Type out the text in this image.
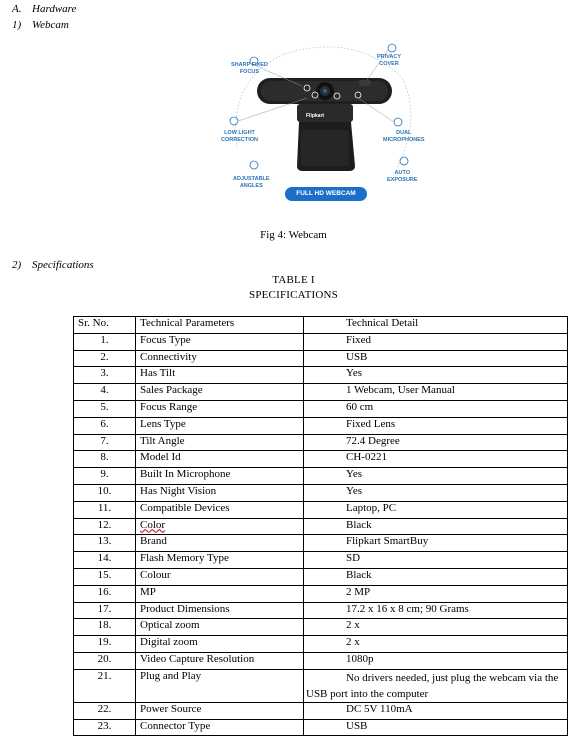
A. Hardware
1) Webcam
Flipkart
SHARP FIXED
FOCUS
PRIVACY
COVER
LOW LIGHT
CORRECTION
DUAL
MICROPHONES
ADJUSTABLE
ANGLES
AUTO
EXPOSURE
FULL HD WEBCAM
Fig 4: Webcam
2) Specifications
TABLE I
SPECIFICATIONS
Sr. No.	Technical Parameters	Technical Detail
1.	Focus Type	Fixed
2.	Connectivity	USB
3.	Has Tilt	Yes
4.	Sales Package	1 Webcam, User Manual
5.	Focus Range	60 cm
6.	Lens Type	Fixed Lens
7.	Tilt Angle	72.4 Degree
8.	Model Id	CH-0221
9.	Built In Microphone	Yes
10.	Has Night Vision	Yes
11.	Compatible Devices	Laptop, PC
12.	Color	Black
13.	Brand	Flipkart SmartBuy
14.	Flash Memory Type	SD
15.	Colour	Black
16.	MP	2 MP
17.	Product Dimensions	17.2 x 16 x 8 cm; 90 Grams
18.	Optical zoom	2 x
19.	Digital zoom	2 x
20.	Video Capture Resolution	1080p
21.	Plug and Play	No drivers needed, just plug the webcam via the USB port into the computer
22.	Power Source	DC 5V 110mA
23.	Connector Type	USB
